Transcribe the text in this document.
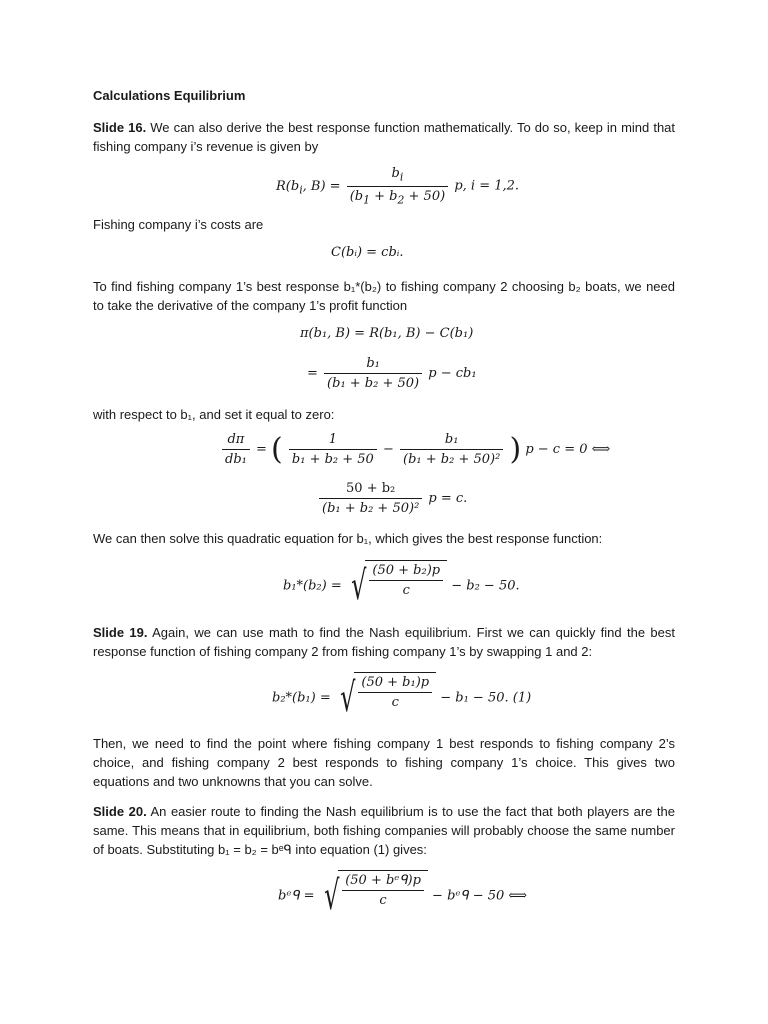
Calculations Equilibrium
Slide 16. We can also derive the best response function mathematically. To do so, keep in mind that fishing company i’s revenue is given by
$R(b_i$, $B) = \frac{b_i}{(b_1 + b_2 + 50)} p$, i = 1,2.
Fishing company i’s costs are
C(bᵢ) = cbᵢ.
To find fishing company 1’s best response b₁*(b₂) to fishing company 2 choosing b₂ boats, we need to take the derivative of the company 1’s profit function
π(b₁, B) = R(b₁, B) − C(b₁)
= $\frac{\text{b₁}}{\text{(b₁ + b₂ + 50)}}$ p − cb₁
with respect to b₁, and set it equal to zero:
$\frac{d\pi}{\text{db₁}}$ = ( $\frac{1}{\text{b₁ + b₂ + 50}} - \frac{\text{b₁}}{\text{(b₁ + b₂ + 50)²}}$ ) p − c = 0 ⟺
$\frac{\text{50 + b₂}}{\text{(b₁ + b₂ + 50)²}}$ p = c.
We can then solve this quadratic equation for b₁, which gives the best response function:
b₁*(b₂) = √ $\frac{\text{(50 + b₂)p}}{c} - b_2 - 50$.
Slide 19. Again, we can use math to find the Nash equilibrium. First we can quickly find the best response function of fishing company 2 from fishing company 1’s by swapping 1 and 2:
b₂*(b₁) = √ $\frac{\text{(50 + b₁)p}}{c} - b_1 - 50$. (1)
Then, we need to find the point where fishing company 1 best responds to fishing company 2’s choice, and fishing company 2 best responds to fishing company 1’s choice. This gives two equations and two unknowns that you can solve.
Slide 20. An easier route to finding the Nash equilibrium is to use the fact that both players are the same. This means that in equilibrium, both fishing companies will probably choose the same number of boats. Substituting b₁ = b₂ = bᵉᑫ into equation (1) gives:
bᵉᑫ = √ $\frac{\text{(50 + bᵉᑫ)p}}{c}$ − bᵉᑫ − 50 ⟺
